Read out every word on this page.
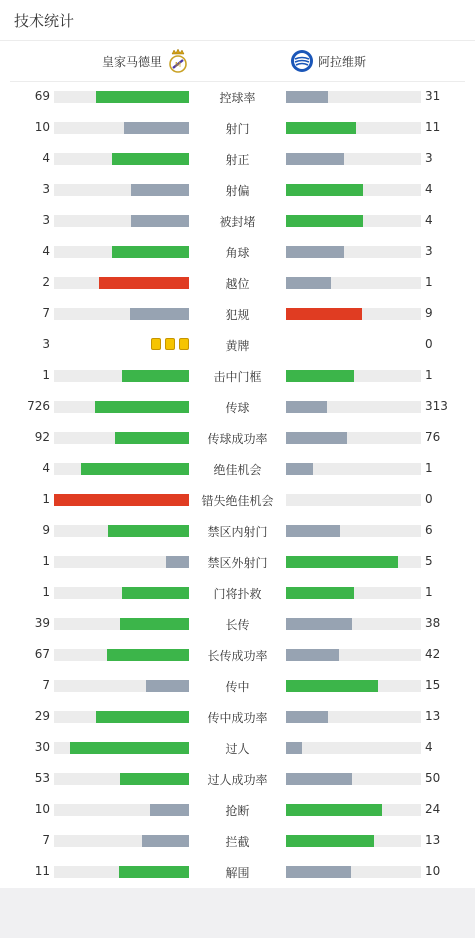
技术统计
皇家马德里 M	阿拉维斯
69	控球率	31
10	射门	11
4	射正	3
3	射偏	4
3	被封堵	4
4	角球	3
2	越位	1
7	犯规	9
3	黄牌	0
1	击中门框	1
726	传球	313
92	传球成功率	76
4	绝佳机会	1
1	错失绝佳机会	0
9	禁区内射门	6
1	禁区外射门	5
1	门将扑救	1
39	长传	38
67	长传成功率	42
7	传中	15
29	传中成功率	13
30	过人	4
53	过人成功率	50
10	抢断	24
7	拦截	13
11	解围	10
